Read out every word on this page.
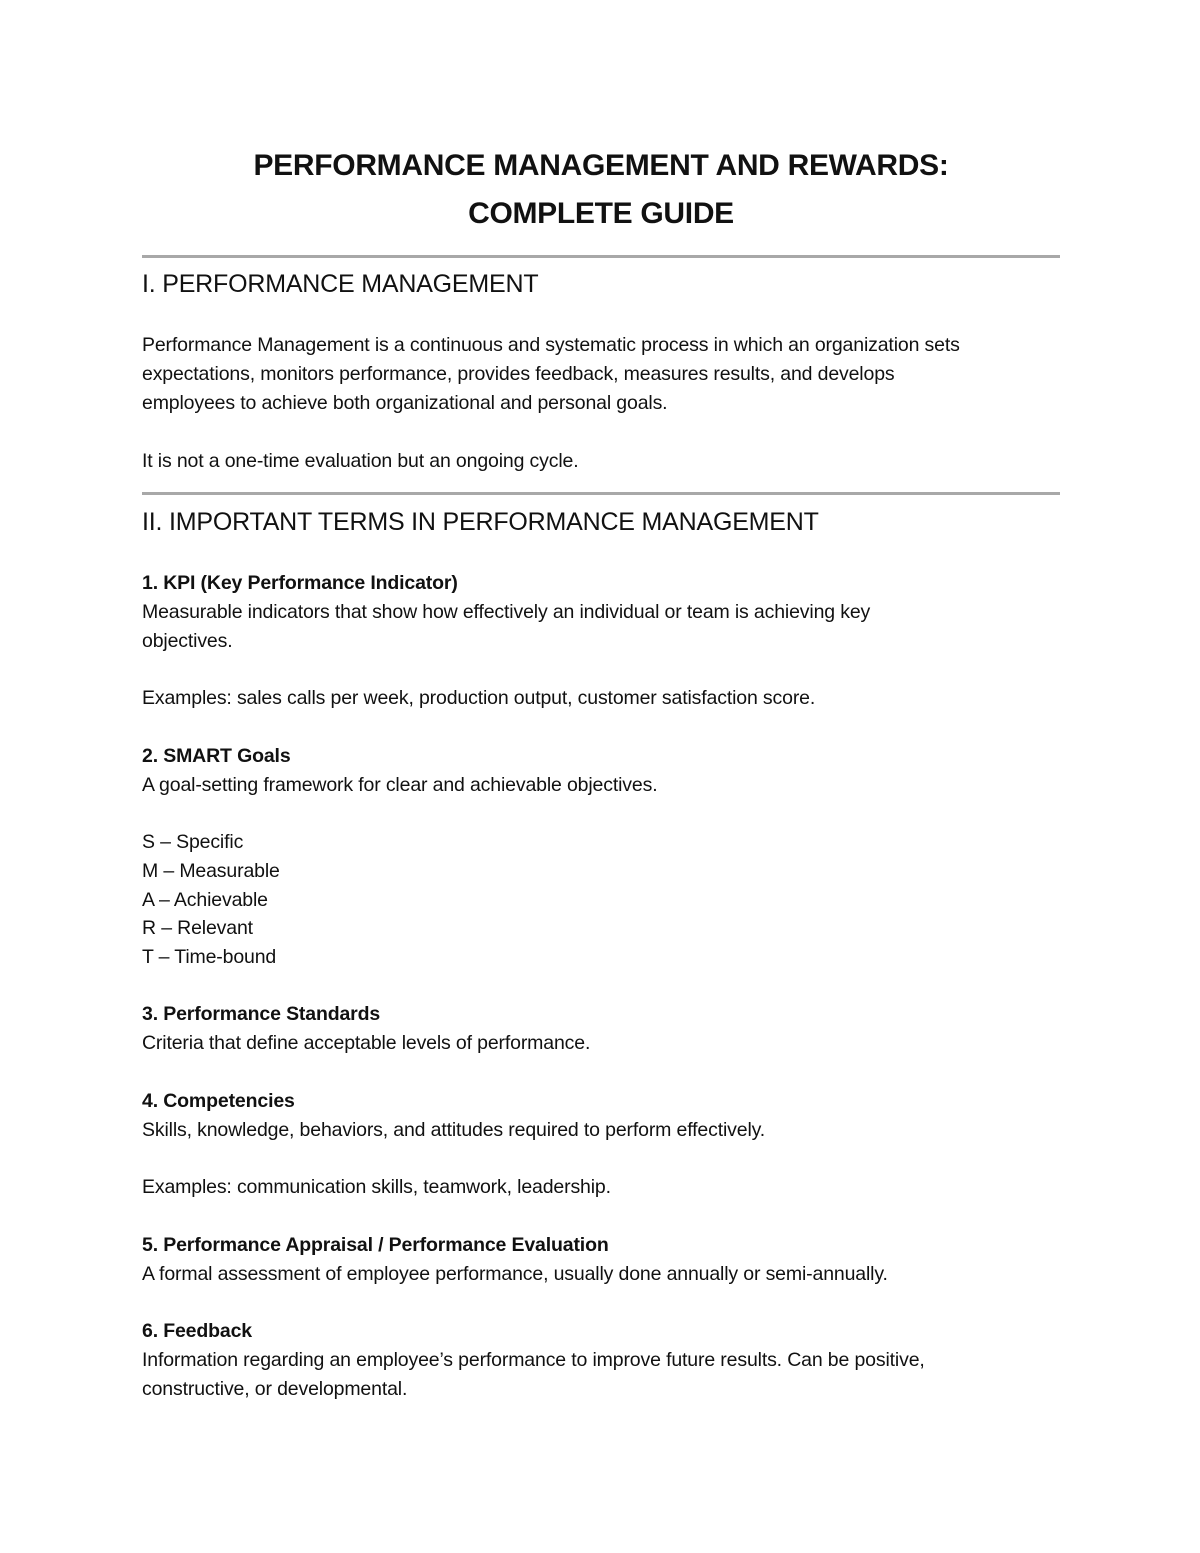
PERFORMANCE MANAGEMENT AND REWARDS:
COMPLETE GUIDE
I. PERFORMANCE MANAGEMENT
Performance Management is a continuous and systematic process in which an organization sets
expectations, monitors performance, provides feedback, measures results, and develops
employees to achieve both organizational and personal goals.
It is not a one-time evaluation but an ongoing cycle.
II. IMPORTANT TERMS IN PERFORMANCE MANAGEMENT
1. KPI (Key Performance Indicator)
Measurable indicators that show how effectively an individual or team is achieving key
objectives.
Examples: sales calls per week, production output, customer satisfaction score.
2. SMART Goals
A goal-setting framework for clear and achievable objectives.
S – Specific
M – Measurable
A – Achievable
R – Relevant
T – Time-bound
3. Performance Standards
Criteria that define acceptable levels of performance.
4. Competencies
Skills, knowledge, behaviors, and attitudes required to perform effectively.
Examples: communication skills, teamwork, leadership.
5. Performance Appraisal / Performance Evaluation
A formal assessment of employee performance, usually done annually or semi-annually.
6. Feedback
Information regarding an employee’s performance to improve future results. Can be positive,
constructive, or developmental.
